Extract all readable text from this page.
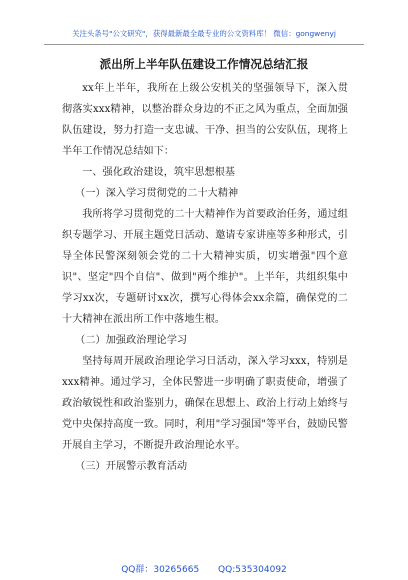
关注头条号"公文研究"，获得最新最全最专业的公文资料库！ 微信：gongwenyj
派出所上半年队伍建设工作情况总结汇报

xx年上半年，我所在上级公安机关的坚强领导下，深入贯彻落实xxx精神，以整治群众身边的不正之风为重点，全面加强队伍建设，努力打造一支忠诚、干净、担当的公安队伍，现将上半年工作情况总结如下：

一、强化政治建设，筑牢思想根基
（一）深入学习贯彻党的二十大精神

我所将学习贯彻党的二十大精神作为首要政治任务，通过组织专题学习、开展主题党日活动、邀请专家讲座等多种形式，引导全体民警深刻领会党的二十大精神实质，切实增强"四个意识"、坚定"四个自信"、做到"两个维护"。上半年，共组织集中学习xx次，专题研讨xx次，撰写心得体会xx余篇，确保党的二十大精神在派出所工作中落地生根。

（二）加强政治理论学习

坚持每周开展政治理论学习日活动，深入学习xxx，特别是xxx精神。通过学习，全体民警进一步明确了职责使命，增强了政治敏锐性和政治鉴别力，确保在思想上、政治上行动上始终与党中央保持高度一致。同时，利用"学习强国"等平台，鼓励民警开展自主学习，不断提升政治理论水平。

（三）开展警示教育活动
QQ群：30265665 QQ:535304092
